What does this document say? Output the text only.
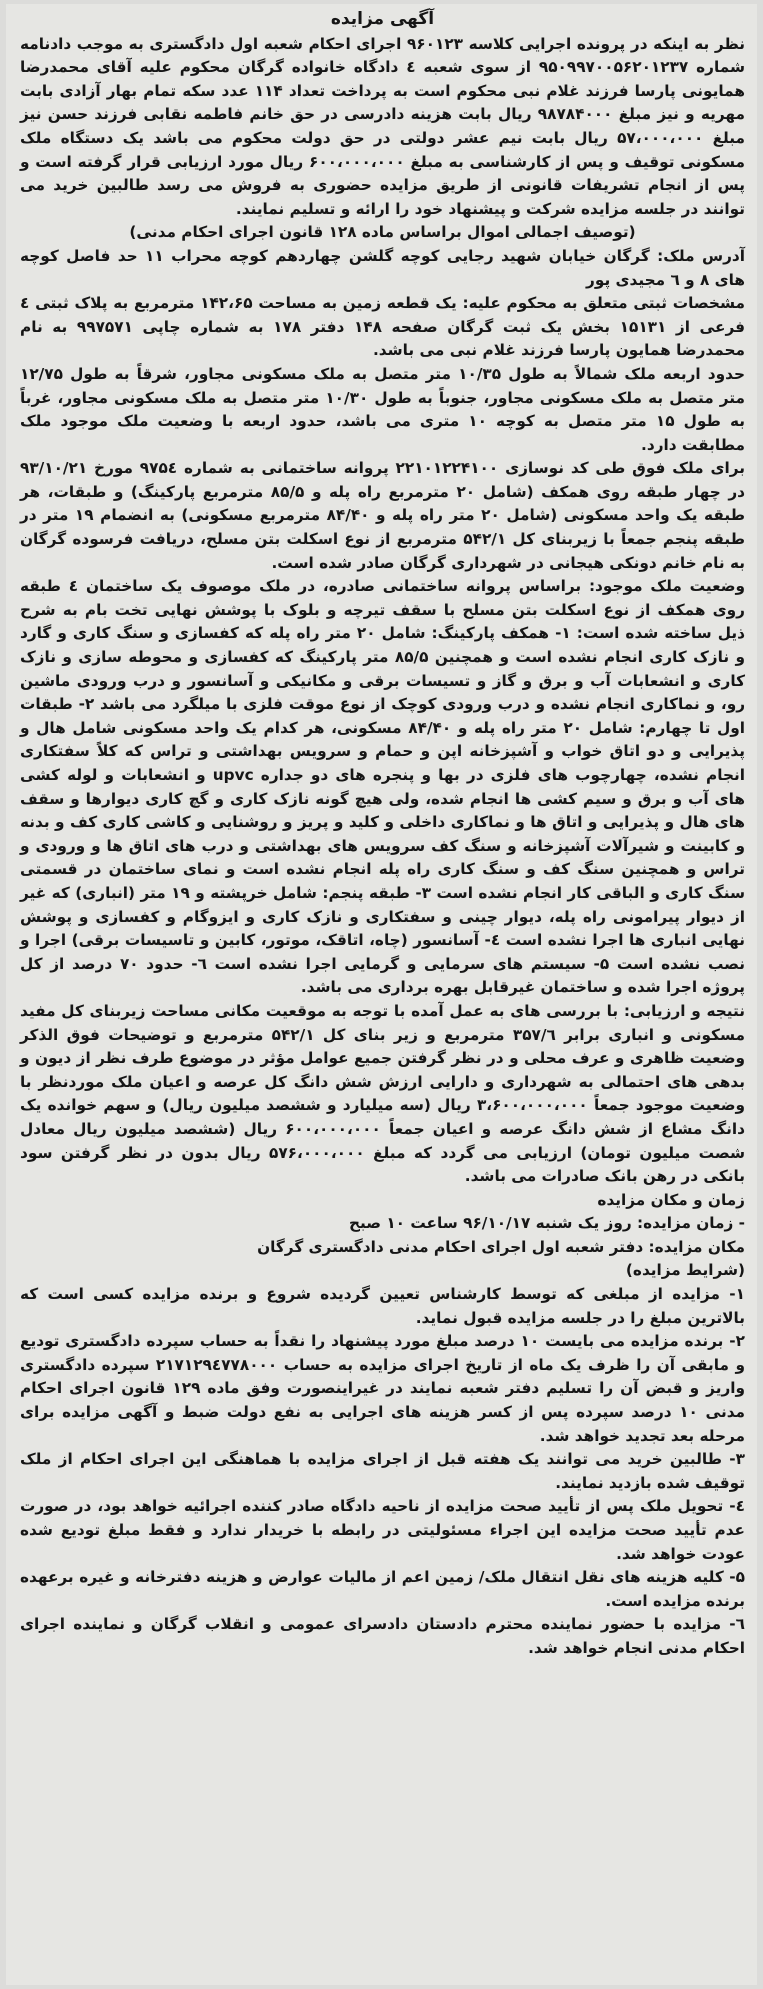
آگهی مزایده

نظر به اینکه در پرونده اجرایی کلاسه ۹۶۰۱۲۳ اجرای احکام شعبه اول دادگستری به موجب دادنامه شماره ۹۵۰۹۹۷۰۰۵۶۲۰۱۲۳۷ از سوی شعبه ٤ دادگاه خانواده گرگان محکوم علیه آقای محمدرضا همایونی پارسا فرزند غلام نبی محکوم است به پرداخت تعداد ۱۱۴ عدد سکه تمام بهار آزادی بابت مهریه و نیز مبلغ ۹۸۷۸۴۰۰۰ ریال بابت هزینه دادرسی در حق خانم فاطمه نقابی فرزند حسن نیز مبلغ ۵۷،۰۰۰،۰۰۰ ریال بابت نیم عشر دولتی در حق دولت محکوم می باشد یک دستگاه ملک مسکونی توقیف و پس از کارشناسی به مبلغ ۶۰۰،۰۰۰،۰۰۰ ریال مورد ارزیابی قرار گرفته است و پس از انجام تشریفات قانونی از طریق مزایده حضوری به فروش می رسد طالبین خرید می توانند در جلسه مزایده شرکت و پیشنهاد خود را ارائه و تسلیم نمایند.

(توصیف اجمالی اموال براساس ماده ۱۲۸ قانون اجرای احکام مدنی)

آدرس ملک: گرگان خیابان شهید رجایی کوچه گلشن چهاردهم کوچه محراب ۱۱ حد فاصل کوچه های ۸ و ٦ مجیدی پور

مشخصات ثبتی متعلق به محکوم علیه: یک قطعه زمین به مساحت ۱۴۲،۶۵ مترمربع به پلاک ثبتی ٤ فرعی از ۱۵۱۳۱ بخش یک ثبت گرگان صفحه ۱۴۸ دفتر ۱۷۸ به شماره چاپی ۹۹۷۵۷۱ به نام محمدرضا همایون پارسا فرزند غلام نبی می باشد.

حدود اربعه ملک شمالاً به طول ۱۰/۳۵ متر متصل به ملک مسکونی مجاور، شرقاً به طول ۱۲/۷۵ متر متصل به ملک مسکونی مجاور، جنوباً به طول ۱۰/۳۰ متر متصل به ملک مسکونی مجاور، غرباً به طول ۱۵ متر متصل به کوچه ۱۰ متری می باشد، حدود اربعه با وضعیت ملک موجود ملک مطابقت دارد.

برای ملک فوق طی کد نوسازی ۲۲۱۰۱۲۲۴۱۰۰ پروانه ساختمانی به شماره ۹۷۵٤ مورخ ۹۳/۱۰/۲۱ در چهار طبقه روی همکف (شامل ۲۰ مترمربع راه پله و ۸۵/۵ مترمربع پارکینگ) و طبقات، هر طبقه یک واحد مسکونی (شامل ۲۰ متر راه پله و ۸۴/۴۰ مترمربع مسکونی) به انضمام ۱۹ متر در طبقه پنجم جمعاً با زیربنای کل ۵۴۲/۱ مترمربع از نوع اسکلت بتن مسلح، دریافت فرسوده گرگان به نام خانم دونکی هیجانی در شهرداری گرگان صادر شده است.

وضعیت ملک موجود: براساس پروانه ساختمانی صادره، در ملک موصوف یک ساختمان ٤ طبقه روی همکف از نوع اسکلت بتن مسلح با سقف تیرچه و بلوک با پوشش نهایی تخت بام به شرح ذیل ساخته شده است: ۱- همکف پارکینگ: شامل ۲۰ متر راه پله که کفسازی و سنگ کاری و گارد و نازک کاری انجام نشده است و همچنین ۸۵/۵ متر پارکینگ که کفسازی و محوطه سازی و نازک کاری و انشعابات آب و برق و گاز و تسیسات برقی و مکانیکی و آسانسور و درب ورودی ماشین رو، و نماکاری انجام نشده و درب ورودی کوچک از نوع موقت فلزی با میلگرد می باشد ۲- طبقات اول تا چهارم: شامل ۲۰ متر راه پله و ۸۴/۴۰ مسکونی، هر کدام یک واحد مسکونی شامل هال و پذیرایی و دو اتاق خواب و آشپزخانه اپن و حمام و سرویس بهداشتی و تراس که کلاً سفتکاری انجام نشده، چهارچوب های فلزی در بها و پنجره های دو جداره upvc و انشعابات و لوله کشی های آب و برق و سیم کشی ها انجام شده، ولی هیچ گونه نازک کاری و گچ کاری دیوارها و سقف های هال و پذیرایی و اتاق ها و نماکاری داخلی و کلید و پریز و روشنایی و کاشی کاری کف و بدنه و کابینت و شیرآلات آشپزخانه و سنگ کف سرویس های بهداشتی و درب های اتاق ها و ورودی و تراس و همچنین سنگ کف و سنگ کاری راه پله انجام نشده است و نمای ساختمان در قسمتی سنگ کاری و الباقی کار انجام نشده است ۳- طبقه پنجم: شامل خرپشته و ۱۹ متر (انباری) که غیر از دیوار پیرامونی راه پله، دیوار چینی و سفتکاری و نازک کاری و ایزوگام و کفسازی و پوشش نهایی انباری ها اجرا نشده است ٤- آسانسور (چاه، اتاقک، موتور، کابین و تاسیسات برقی) اجرا و نصب نشده است ۵- سیستم های سرمایی و گرمایی اجرا نشده است ٦- حدود ۷۰ درصد از کل پروژه اجرا شده و ساختمان غیرقابل بهره برداری می باشد.

نتیجه و ارزیابی: با بررسی های به عمل آمده با توجه به موقعیت مکانی مساحت زیربنای کل مفید مسکونی و انباری برابر ۳۵۷/٦ مترمربع و زیر بنای کل ۵۴۲/۱ مترمربع و توضیحات فوق الذکر وضعیت ظاهری و عرف محلی و در نظر گرفتن جمیع عوامل مؤثر در موضوع طرف نظر از دیون و بدهی های احتمالی به شهرداری و دارایی ارزش شش دانگ کل عرصه و اعیان ملک موردنظر با وضعیت موجود جمعاً ۳،۶۰۰،۰۰۰،۰۰۰ ریال (سه میلیارد و ششصد میلیون ریال) و سهم خوانده یک دانگ مشاع از شش دانگ عرصه و اعیان جمعاً ۶۰۰،۰۰۰،۰۰۰ ریال (ششصد میلیون ریال معادل شصت میلیون تومان) ارزیابی می گردد که مبلغ ۵۷۶،۰۰۰،۰۰۰ ریال بدون در نظر گرفتن سود بانکی در رهن بانک صادرات می باشد.

زمان و مکان مزایده

- زمان مزایده: روز یک شنبه ۹۶/۱۰/۱۷ ساعت ۱۰ صبح

مکان مزایده: دفتر شعبه اول اجرای احکام مدنی دادگستری گرگان

(شرایط مزایده)

۱- مزایده از مبلغی که توسط کارشناس تعیین گردیده شروع و برنده مزایده کسی است که بالاترین مبلغ را در جلسه مزایده قبول نماید.

۲- برنده مزایده می بایست ۱۰ درصد مبلغ مورد پیشنهاد را نقداً به حساب سپرده دادگستری تودیع و مابقی آن را ظرف یک ماه از تاریخ اجرای مزایده به حساب ۲۱۷۱۲۹٤۷۷۸۰۰۰ سپرده دادگستری واریز و قبض آن را تسلیم دفتر شعبه نمایند در غیراینصورت وفق ماده ۱۲۹ قانون اجرای احکام مدنی ۱۰ درصد سپرده پس از کسر هزینه های اجرایی به نفع دولت ضبط و آگهی مزایده برای مرحله بعد تجدید خواهد شد.

۳- طالبین خرید می توانند یک هفته قبل از اجرای مزایده با هماهنگی این اجرای احکام از ملک توقیف شده بازدید نمایند.

٤- تحویل ملک پس از تأیید صحت مزایده از ناحیه دادگاه صادر کننده اجرائیه خواهد بود، در صورت عدم تأیید صحت مزایده این اجراء مسئولیتی در رابطه با خریدار ندارد و فقط مبلغ تودیع شده عودت خواهد شد.

۵- کلیه هزینه های نقل انتقال ملک/ زمین اعم از مالیات عوارض و هزینه دفترخانه و غیره برعهده برنده مزایده است.

٦- مزایده با حضور نماینده محترم دادستان دادسرای عمومی و انقلاب گرگان و نماینده اجرای احکام مدنی انجام خواهد شد.
